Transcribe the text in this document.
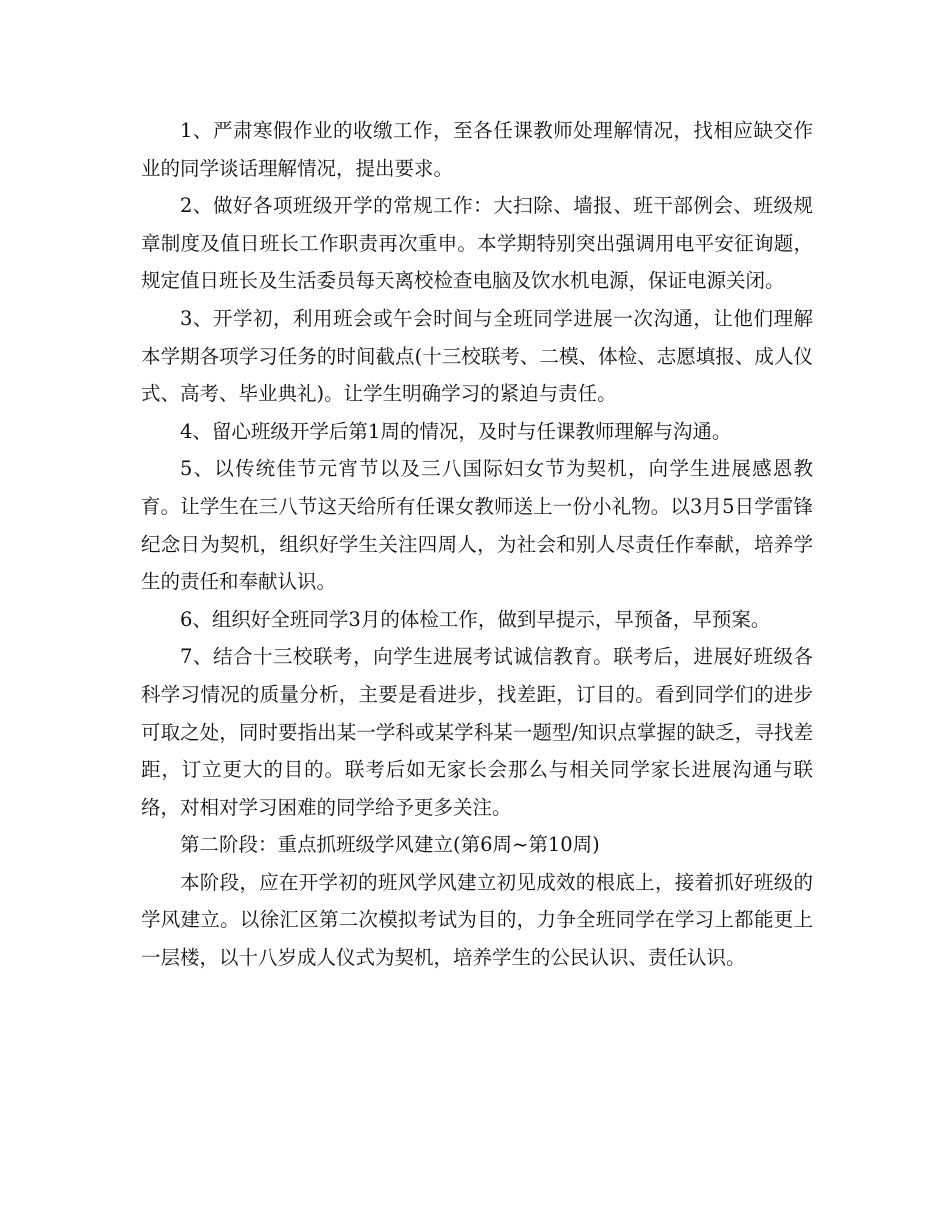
1、严肃寒假作业的收缴工作，至各任课教师处理解情况，找相应缺交作业的同学谈话理解情况，提出要求。

2、做好各项班级开学的常规工作：大扫除、墙报、班干部例会、班级规章制度及值日班长工作职责再次重申。本学期特别突出强调用电平安征询题，规定值日班长及生活委员每天离校检查电脑及饮水机电源，保证电源关闭。

3、开学初，利用班会或午会时间与全班同学进展一次沟通，让他们理解本学期各项学习任务的时间截点(十三校联考、二模、体检、志愿填报、成人仪式、高考、毕业典礼)。让学生明确学习的紧迫与责任。

4、留心班级开学后第1周的情况，及时与任课教师理解与沟通。

5、以传统佳节元宵节以及三八国际妇女节为契机，向学生进展感恩教育。让学生在三八节这天给所有任课女教师送上一份小礼物。以3月5日学雷锋纪念日为契机，组织好学生关注四周人，为社会和别人尽责任作奉献，培养学生的责任和奉献认识。

6、组织好全班同学3月的体检工作，做到早提示，早预备，早预案。

7、结合十三校联考，向学生进展考试诚信教育。联考后，进展好班级各科学习情况的质量分析，主要是看进步，找差距，订目的。看到同学们的进步可取之处，同时要指出某一学科或某学科某一题型/知识点掌握的缺乏，寻找差距，订立更大的目的。联考后如无家长会那么与相关同学家长进展沟通与联络，对相对学习困难的同学给予更多关注。

第二阶段：重点抓班级学风建立(第6周~第10周)

本阶段，应在开学初的班风学风建立初见成效的根底上，接着抓好班级的学风建立。以徐汇区第二次模拟考试为目的，力争全班同学在学习上都能更上一层楼，以十八岁成人仪式为契机，培养学生的公民认识、责任认识。
